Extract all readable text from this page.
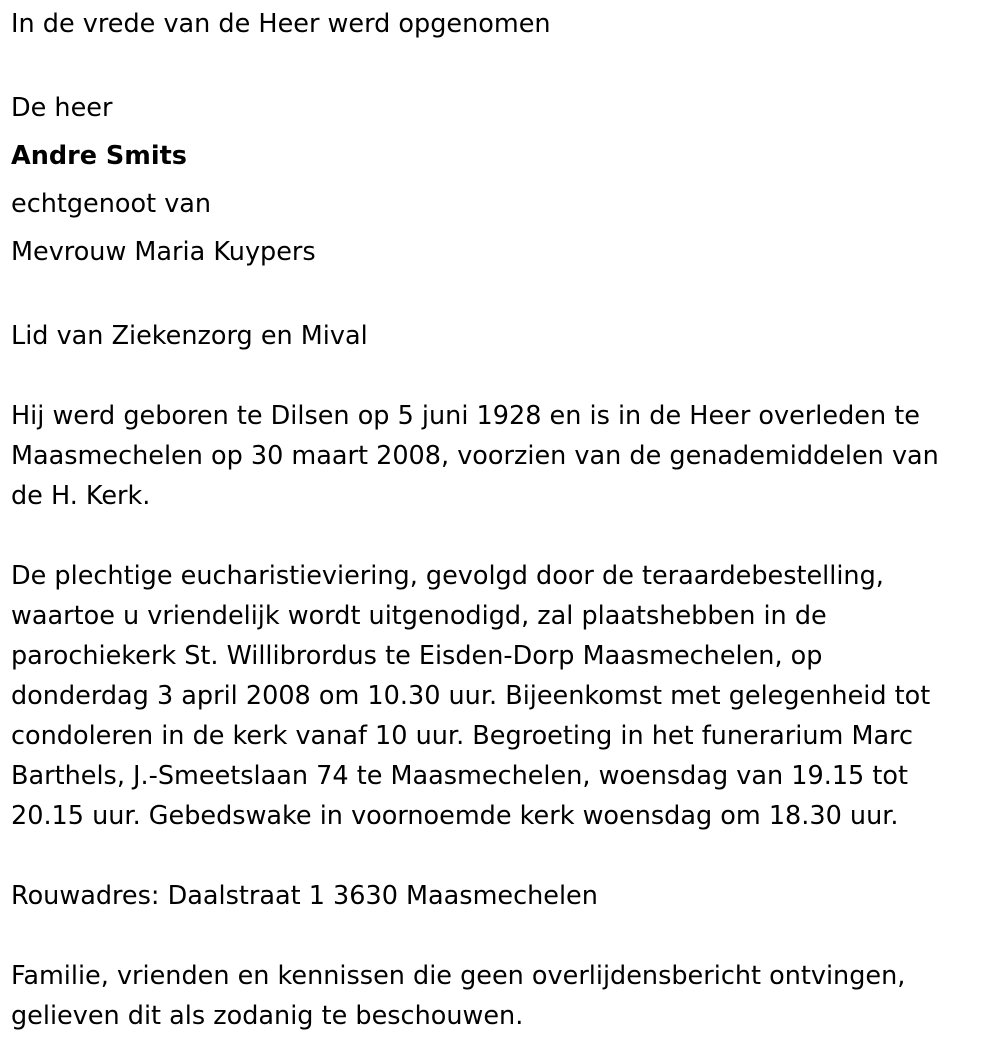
In de vrede van de Heer werd opgenomen
De heer
Andre Smits
echtgenoot van
Mevrouw Maria Kuypers
Lid van Ziekenzorg en Mival
Hij werd geboren te Dilsen op 5 juni 1928 en is in de Heer overleden te
Maasmechelen op 30 maart 2008, voorzien van de genademiddelen van
de H. Kerk.
De plechtige eucharistieviering, gevolgd door de teraardebestelling,
waartoe u vriendelijk wordt uitgenodigd, zal plaatshebben in de
parochiekerk St. Willibrordus te Eisden-Dorp Maasmechelen, op
donderdag 3 april 2008 om 10.30 uur. Bijeenkomst met gelegenheid tot
condoleren in de kerk vanaf 10 uur. Begroeting in het funerarium Marc
Barthels, J.-Smeetslaan 74 te Maasmechelen, woensdag van 19.15 tot
20.15 uur. Gebedswake in voornoemde kerk woensdag om 18.30 uur.
Rouwadres: Daalstraat 1 3630 Maasmechelen
Familie, vrienden en kennissen die geen overlijdensbericht ontvingen,
gelieven dit als zodanig te beschouwen.
